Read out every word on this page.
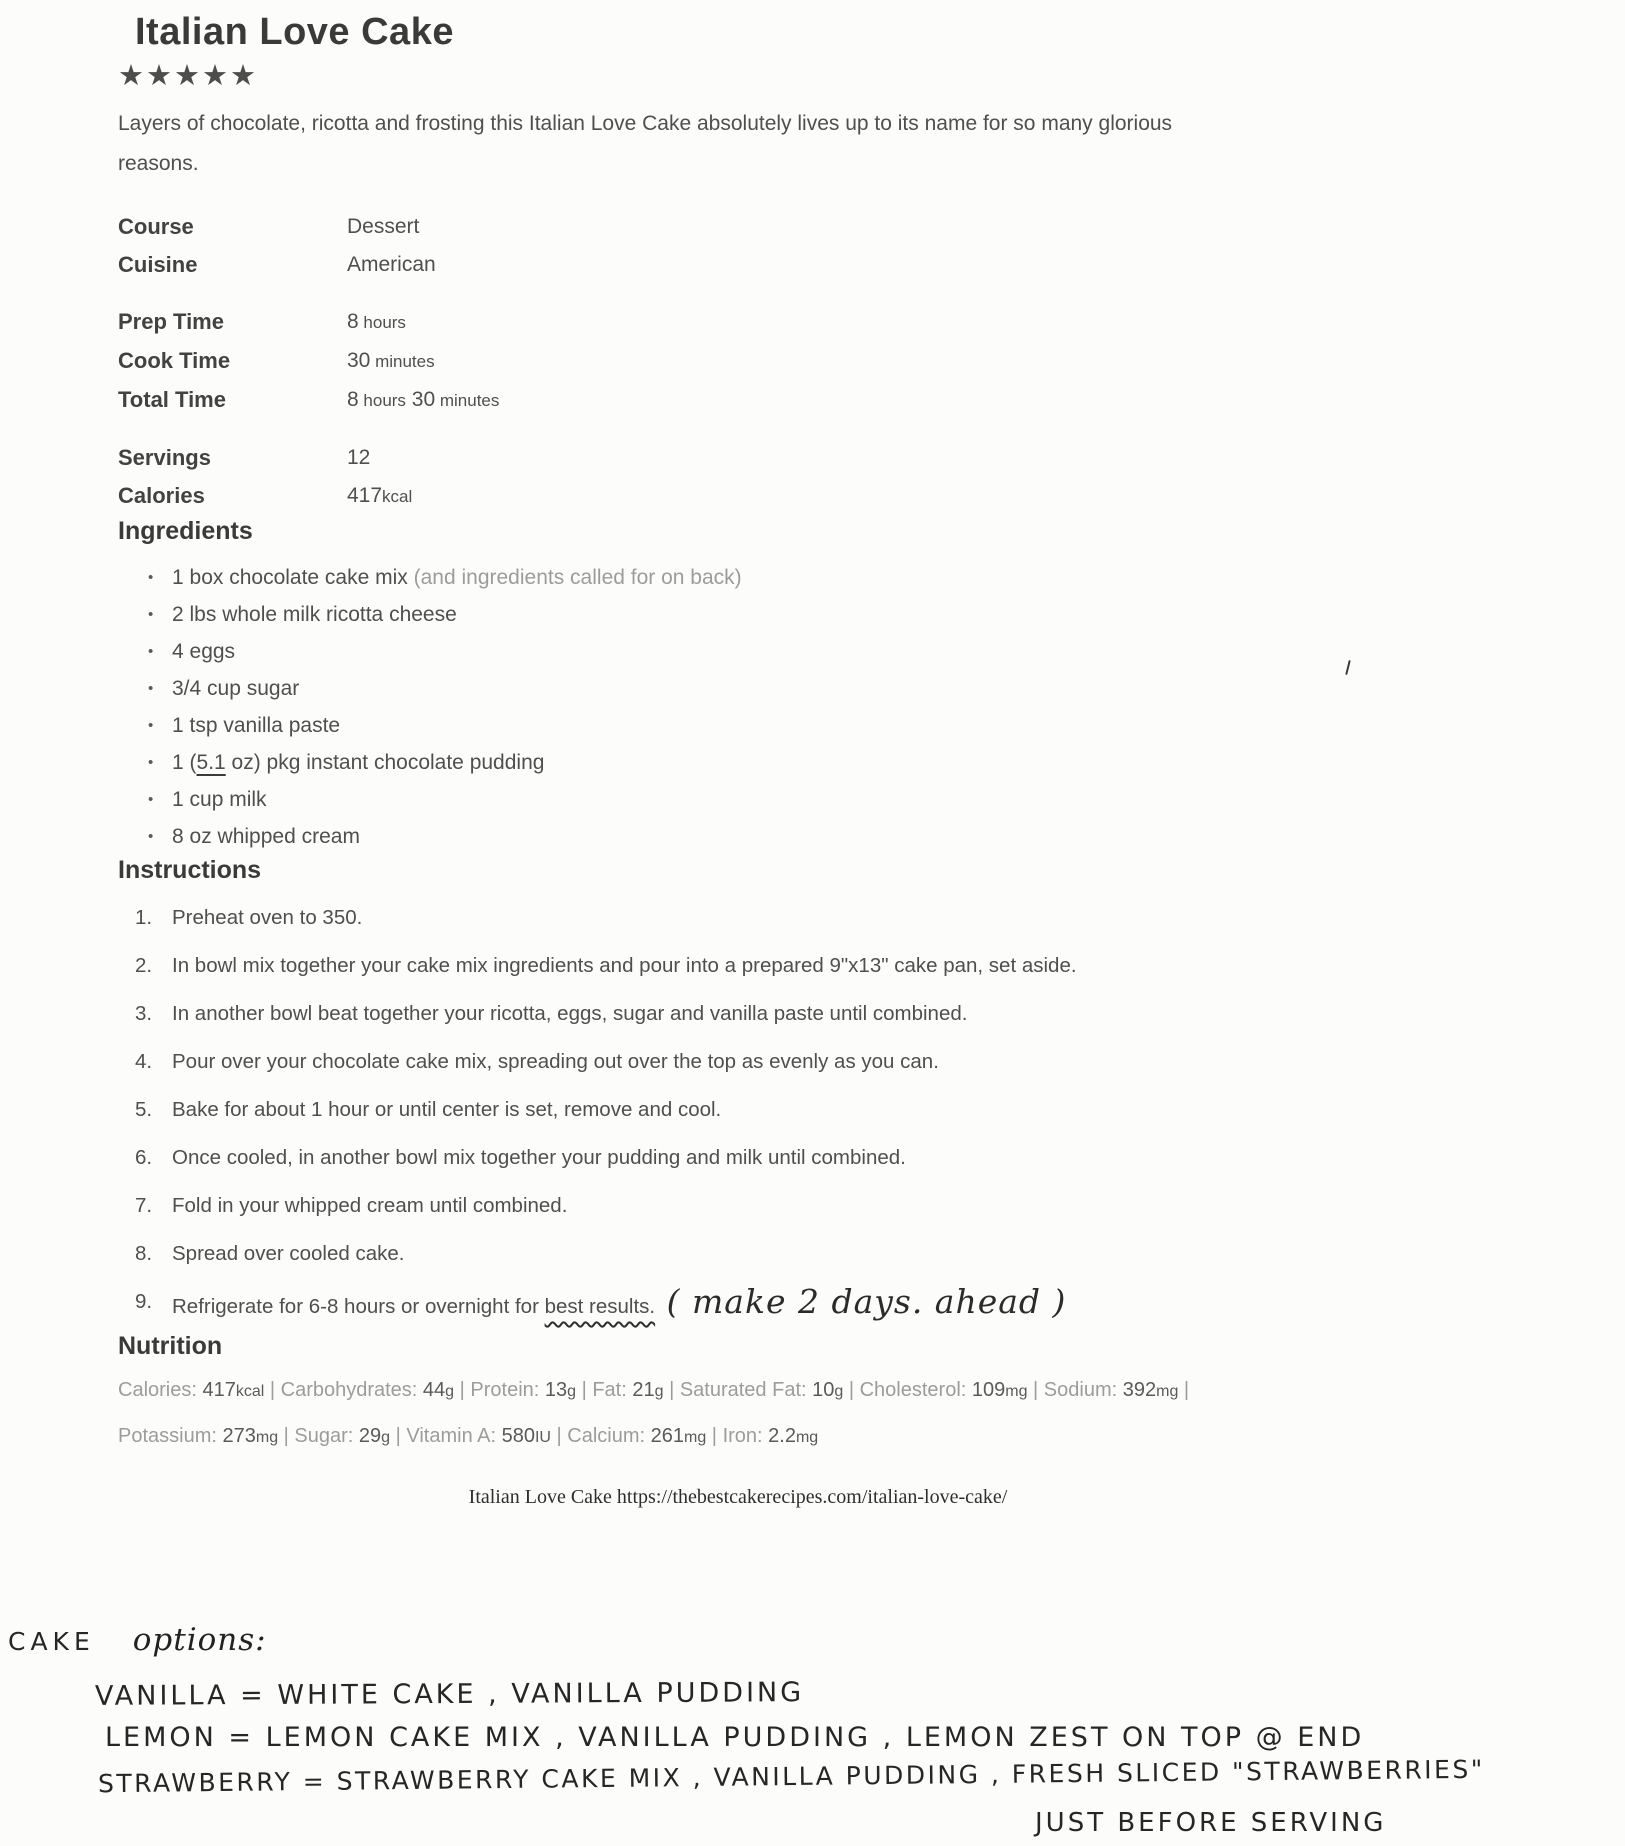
Italian Love Cake
★★★★★

Layers of chocolate, ricotta and frosting this Italian Love Cake absolutely lives up to its name for so many glorious reasons.

Course	Dessert
Cuisine	American
Prep Time	8 hours
Cook Time	30 minutes
Total Time	8 hours 30 minutes
Servings	12
Calories	417kcal
Ingredients
• 1 box chocolate cake mix (and ingredients called for on back)
• 2 lbs whole milk ricotta cheese
• 4 eggs
• 3/4 cup sugar
• 1 tsp vanilla paste
• 1 (5.1 oz) pkg instant chocolate pudding
• 1 cup milk
• 8 oz whipped cream
Instructions
1. Preheat oven to 350.
2. In bowl mix together your cake mix ingredients and pour into a prepared 9"x13" cake pan, set aside.
3. In another bowl beat together your ricotta, eggs, sugar and vanilla paste until combined.
4. Pour over your chocolate cake mix, spreading out over the top as evenly as you can.
5. Bake for about 1 hour or until center is set, remove and cool.
6. Once cooled, in another bowl mix together your pudding and milk until combined.
7. Fold in your whipped cream until combined.
8. Spread over cooled cake.
9. Refrigerate for 6-8 hours or overnight for best results. ( make 2 days. ahead )
Nutrition

Calories: 417kcal | Carbohydrates: 44g | Protein: 13g | Fat: 21g | Saturated Fat: 10g | Cholesterol: 109mg | Sodium: 392mg | Potassium: 273mg | Sugar: 29g | Vitamin A: 580IU | Calcium: 261mg | Iron: 2.2mg

Italian Love Cake https://thebestcakerecipes.com/italian-love-cake/
CAKE options:
VANILLA = WHITE CAKE , VANILLA PUDDING
LEMON = LEMON CAKE MIX , VANILLA PUDDING , LEMON ZEST ON TOP @ END
STRAWBERRY = STRAWBERRY CAKE MIX , VANILLA PUDDING , FRESH SLICED "STRAWBERRIES"
JUST BEFORE SERVING
